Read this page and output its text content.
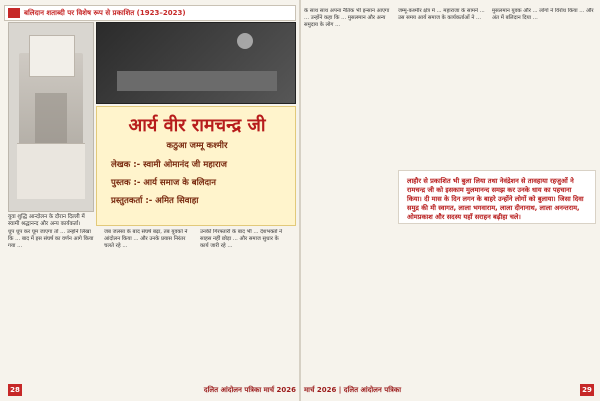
बलिदान शताब्दी पर विशेष रूप से प्रकाशित (1923–2023)
युवा शुद्धि आन्दोलन के दौरान दिल्ली में स्वामी श्रद्धानन्द और अन्य कार्यकर्ता।
आर्य वीर रामचन्द्र जी
कठुआ जम्मू कश्मीर
लेखक :- स्वामी ओमानंद जी महाराज
पुस्तक :- आर्य समाज के बलिदान
प्रस्तुतकर्ता :- अमित सिवाहा
धूप धूप कर घूम जाएगा तो ... उन्होंने लिखा कि ... बाद में इस संघर्ष का वर्णन आगे किया गया ...
जब जलसा के बाद संघर्ष बढ़ा, तब युवकों ने आंदोलन किया ... और उनके प्रयास निरंतर चलते रहे ...
उनकी गिरफ्तारी के बाद भी ... देशभक्तों ने साहस नहीं छोड़ा ... और समाज सुधार के कार्य जारी रहे ...
28	दलित आंदोलन पत्रिका मार्च 2026
के साथ साथ अपना नैतिक भी इन्सान आएगा ... उन्होंने कहा कि ... मुसलमान और अन्य समुदाय के लोग ...
जम्मू-कश्मीर क्षेत्र में ... महाराजा के सामने ... उस समय आर्य समाज के कार्यकर्ताओं ने ...
मुसलमान युवक और ... लोगों ने विरोध किया ... और अंत में बलिदान दिया ...
लाहौर से प्रकाशित भी बुला लिया तथा नेवंद्रेशन से तावहाया रहजुओं ने रामचन्द्र जी को इसकाम मुलमानन्द समझ कर उनके धाय का पहचाना किया। दी मास के दिन लगन के बाहरे उन्होंने लोगों को बुलाया। जिसा दिवा समुद्र की मी स्वागत, लाला भगवाराम, लाला दीनानाथ, लाला अनन्तराम, ओमप्रकाश और सदस्य यहाँ सराहन बढ़ीहा चले।
मार्च 2026 | दलित आंदोलन पत्रिका	29
